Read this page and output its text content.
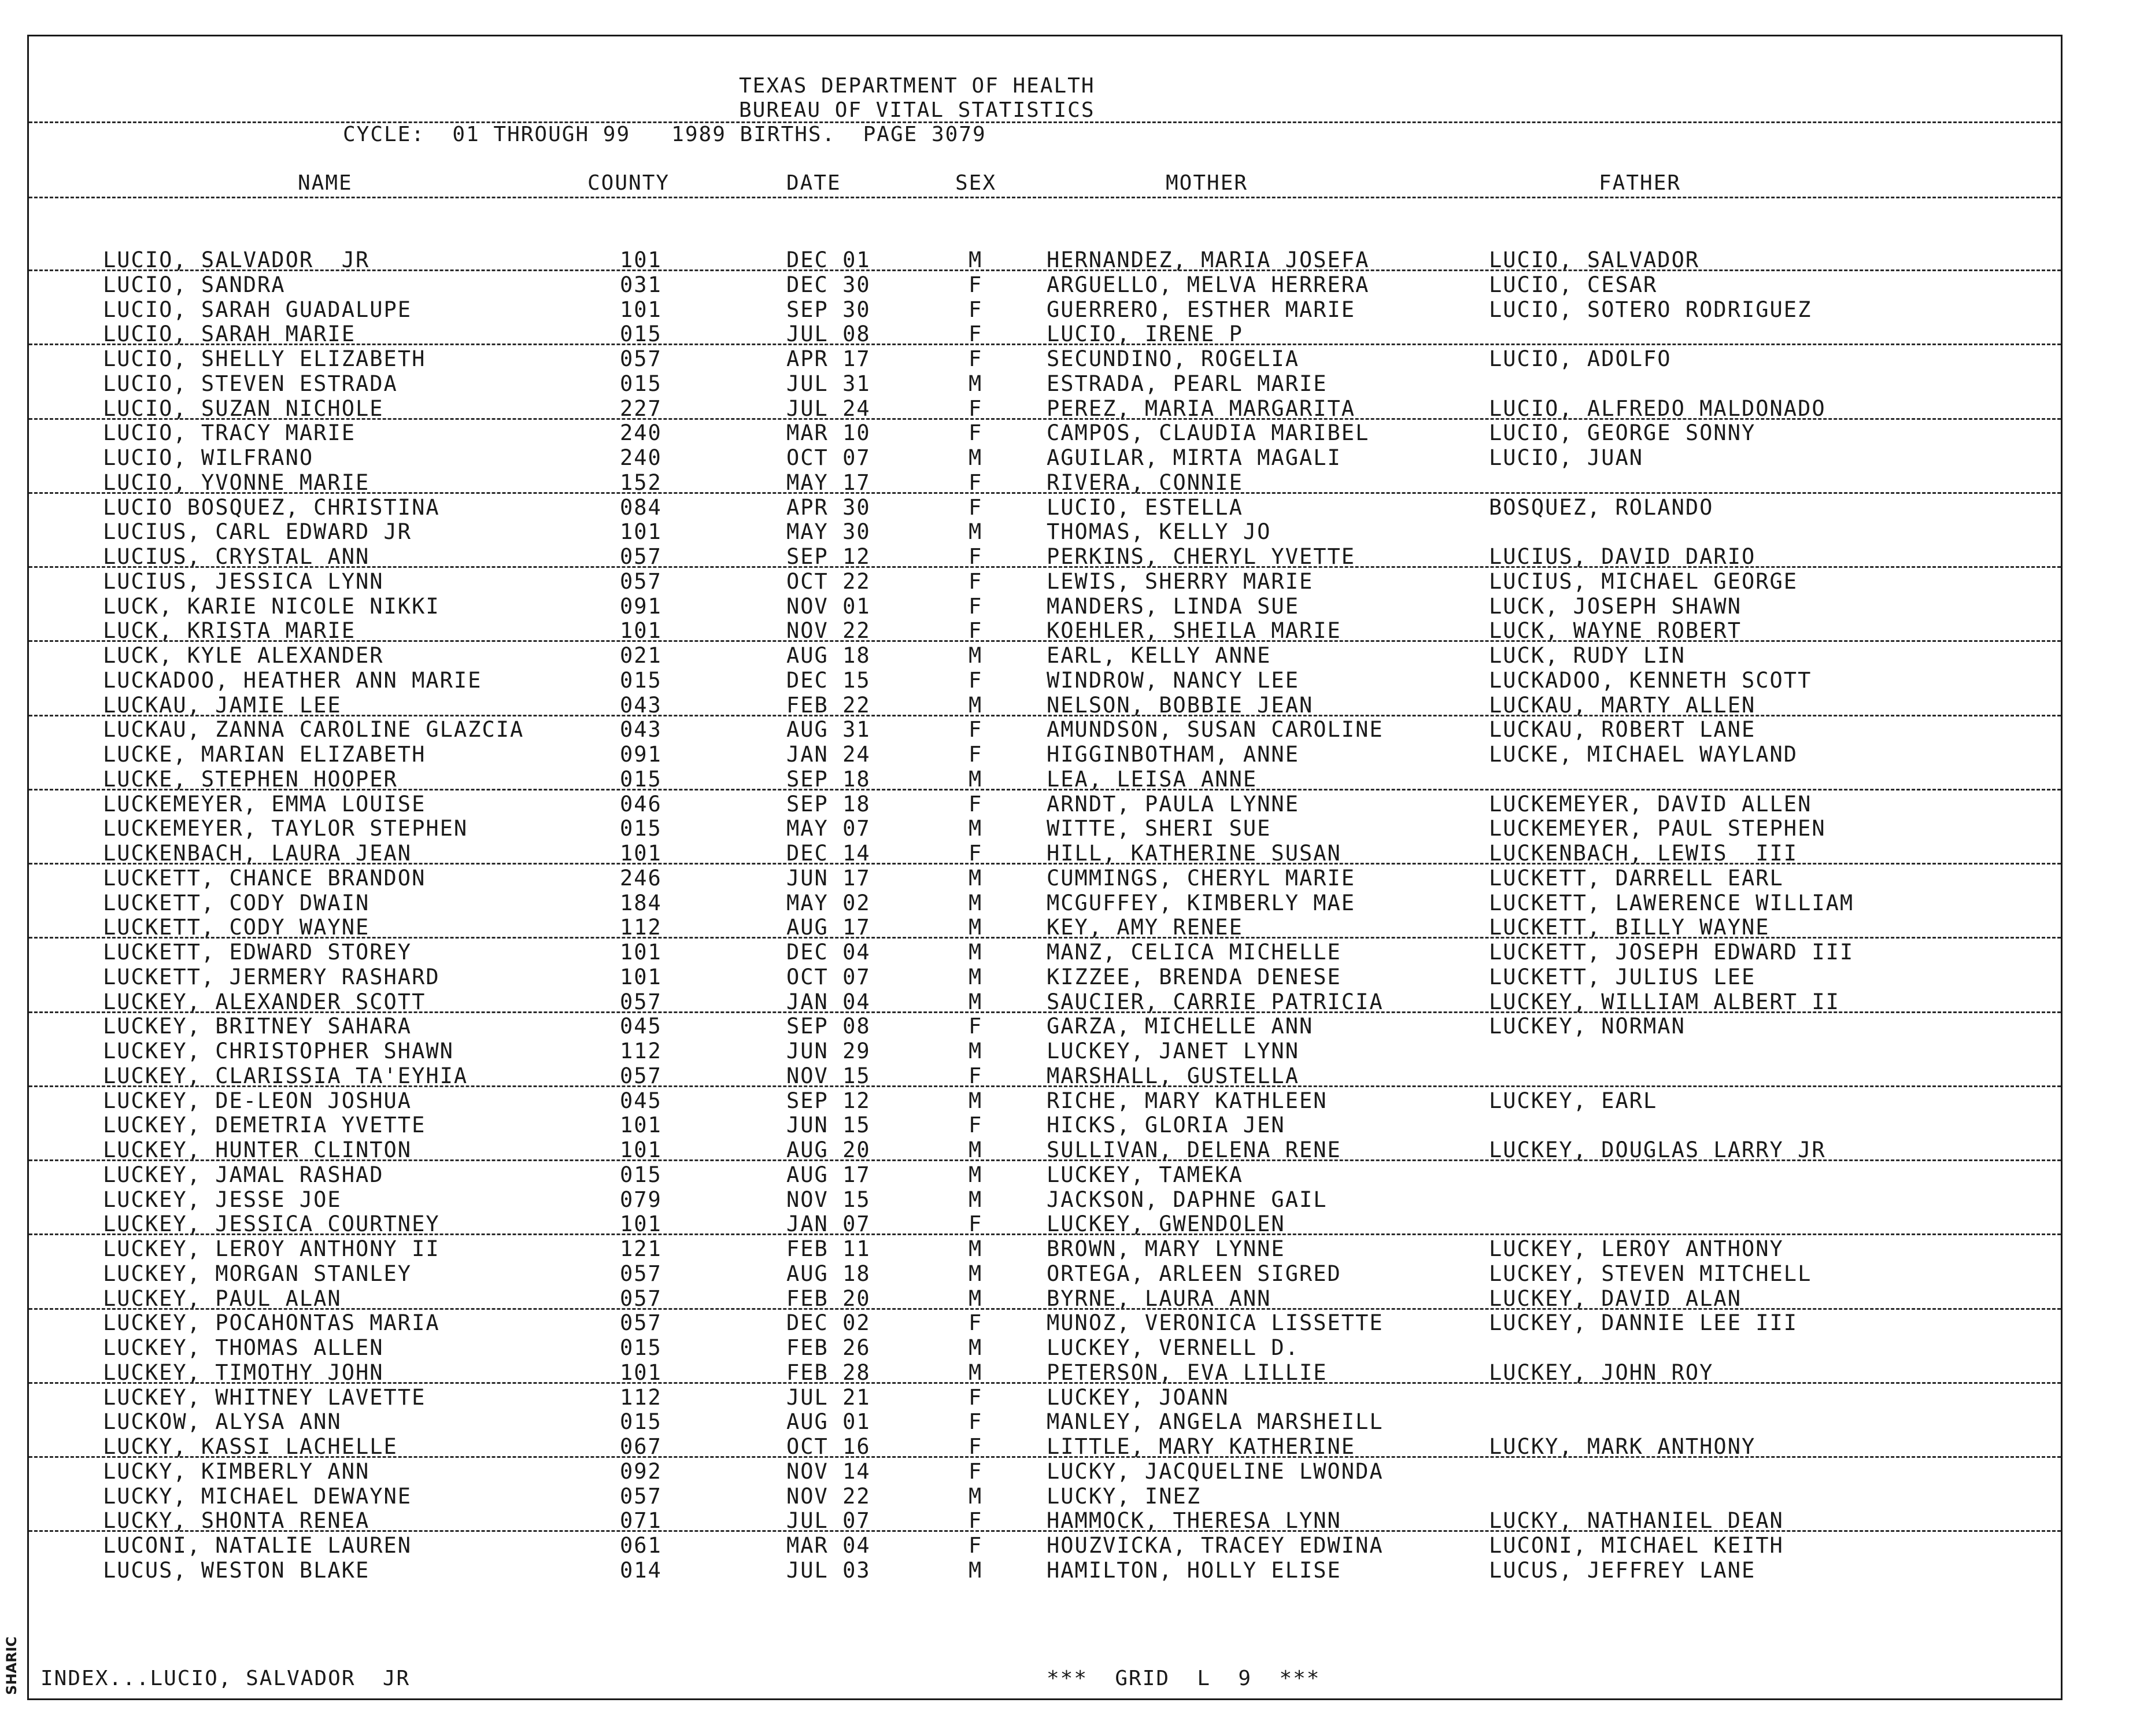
SHARIC
TEXAS DEPARTMENT OF HEALTH
BUREAU OF VITAL STATISTICS
CYCLE:  01 THROUGH 99   1989 BIRTHS.  PAGE 3079
NAME	COUNTY	DATE	SEX	MOTHER	FATHER
LUCIO, SALVADOR  JR	101	DEC 01	M	HERNANDEZ, MARIA JOSEFA	LUCIO, SALVADOR
LUCIO, SANDRA	031	DEC 30	F	ARGUELLO, MELVA HERRERA	LUCIO, CESAR
LUCIO, SARAH GUADALUPE	101	SEP 30	F	GUERRERO, ESTHER MARIE	LUCIO, SOTERO RODRIGUEZ
LUCIO, SARAH MARIE	015	JUL 08	F	LUCIO, IRENE P
LUCIO, SHELLY ELIZABETH	057	APR 17	F	SECUNDINO, ROGELIA	LUCIO, ADOLFO
LUCIO, STEVEN ESTRADA	015	JUL 31	M	ESTRADA, PEARL MARIE
LUCIO, SUZAN NICHOLE	227	JUL 24	F	PEREZ, MARIA MARGARITA	LUCIO, ALFREDO MALDONADO
LUCIO, TRACY MARIE	240	MAR 10	F	CAMPOS, CLAUDIA MARIBEL	LUCIO, GEORGE SONNY
LUCIO, WILFRANO	240	OCT 07	M	AGUILAR, MIRTA MAGALI	LUCIO, JUAN
LUCIO, YVONNE MARIE	152	MAY 17	F	RIVERA, CONNIE
LUCIO BOSQUEZ, CHRISTINA	084	APR 30	F	LUCIO, ESTELLA	BOSQUEZ, ROLANDO
LUCIUS, CARL EDWARD JR	101	MAY 30	M	THOMAS, KELLY JO
LUCIUS, CRYSTAL ANN	057	SEP 12	F	PERKINS, CHERYL YVETTE	LUCIUS, DAVID DARIO
LUCIUS, JESSICA LYNN	057	OCT 22	F	LEWIS, SHERRY MARIE	LUCIUS, MICHAEL GEORGE
LUCK, KARIE NICOLE NIKKI	091	NOV 01	F	MANDERS, LINDA SUE	LUCK, JOSEPH SHAWN
LUCK, KRISTA MARIE	101	NOV 22	F	KOEHLER, SHEILA MARIE	LUCK, WAYNE ROBERT
LUCK, KYLE ALEXANDER	021	AUG 18	M	EARL, KELLY ANNE	LUCK, RUDY LIN
LUCKADOO, HEATHER ANN MARIE	015	DEC 15	F	WINDROW, NANCY LEE	LUCKADOO, KENNETH SCOTT
LUCKAU, JAMIE LEE	043	FEB 22	M	NELSON, BOBBIE JEAN	LUCKAU, MARTY ALLEN
LUCKAU, ZANNA CAROLINE GLAZCIA	043	AUG 31	F	AMUNDSON, SUSAN CAROLINE	LUCKAU, ROBERT LANE
LUCKE, MARIAN ELIZABETH	091	JAN 24	F	HIGGINBOTHAM, ANNE	LUCKE, MICHAEL WAYLAND
LUCKE, STEPHEN HOOPER	015	SEP 18	M	LEA, LEISA ANNE
LUCKEMEYER, EMMA LOUISE	046	SEP 18	F	ARNDT, PAULA LYNNE	LUCKEMEYER, DAVID ALLEN
LUCKEMEYER, TAYLOR STEPHEN	015	MAY 07	M	WITTE, SHERI SUE	LUCKEMEYER, PAUL STEPHEN
LUCKENBACH, LAURA JEAN	101	DEC 14	F	HILL, KATHERINE SUSAN	LUCKENBACH, LEWIS  III
LUCKETT, CHANCE BRANDON	246	JUN 17	M	CUMMINGS, CHERYL MARIE	LUCKETT, DARRELL EARL
LUCKETT, CODY DWAIN	184	MAY 02	M	MCGUFFEY, KIMBERLY MAE	LUCKETT, LAWERENCE WILLIAM
LUCKETT, CODY WAYNE	112	AUG 17	M	KEY, AMY RENEE	LUCKETT, BILLY WAYNE
LUCKETT, EDWARD STOREY	101	DEC 04	M	MANZ, CELICA MICHELLE	LUCKETT, JOSEPH EDWARD III
LUCKETT, JERMERY RASHARD	101	OCT 07	M	KIZZEE, BRENDA DENESE	LUCKETT, JULIUS LEE
LUCKEY, ALEXANDER SCOTT	057	JAN 04	M	SAUCIER, CARRIE PATRICIA	LUCKEY, WILLIAM ALBERT II
LUCKEY, BRITNEY SAHARA	045	SEP 08	F	GARZA, MICHELLE ANN	LUCKEY, NORMAN
LUCKEY, CHRISTOPHER SHAWN	112	JUN 29	M	LUCKEY, JANET LYNN
LUCKEY, CLARISSIA TA'EYHIA	057	NOV 15	F	MARSHALL, GUSTELLA
LUCKEY, DE-LEON JOSHUA	045	SEP 12	M	RICHE, MARY KATHLEEN	LUCKEY, EARL
LUCKEY, DEMETRIA YVETTE	101	JUN 15	F	HICKS, GLORIA JEN
LUCKEY, HUNTER CLINTON	101	AUG 20	M	SULLIVAN, DELENA RENE	LUCKEY, DOUGLAS LARRY JR
LUCKEY, JAMAL RASHAD	015	AUG 17	M	LUCKEY, TAMEKA
LUCKEY, JESSE JOE	079	NOV 15	M	JACKSON, DAPHNE GAIL
LUCKEY, JESSICA COURTNEY	101	JAN 07	F	LUCKEY, GWENDOLEN
LUCKEY, LEROY ANTHONY II	121	FEB 11	M	BROWN, MARY LYNNE	LUCKEY, LEROY ANTHONY
LUCKEY, MORGAN STANLEY	057	AUG 18	M	ORTEGA, ARLEEN SIGRED	LUCKEY, STEVEN MITCHELL
LUCKEY, PAUL ALAN	057	FEB 20	M	BYRNE, LAURA ANN	LUCKEY, DAVID ALAN
LUCKEY, POCAHONTAS MARIA	057	DEC 02	F	MUNOZ, VERONICA LISSETTE	LUCKEY, DANNIE LEE III
LUCKEY, THOMAS ALLEN	015	FEB 26	M	LUCKEY, VERNELL D.
LUCKEY, TIMOTHY JOHN	101	FEB 28	M	PETERSON, EVA LILLIE	LUCKEY, JOHN ROY
LUCKEY, WHITNEY LAVETTE	112	JUL 21	F	LUCKEY, JOANN
LUCKOW, ALYSA ANN	015	AUG 01	F	MANLEY, ANGELA MARSHEILL
LUCKY, KASSI LACHELLE	067	OCT 16	F	LITTLE, MARY KATHERINE	LUCKY, MARK ANTHONY
LUCKY, KIMBERLY ANN	092	NOV 14	F	LUCKY, JACQUELINE LWONDA
LUCKY, MICHAEL DEWAYNE	057	NOV 22	M	LUCKY, INEZ
LUCKY, SHONTA RENEA	071	JUL 07	F	HAMMOCK, THERESA LYNN	LUCKY, NATHANIEL DEAN
LUCONI, NATALIE LAUREN	061	MAR 04	F	HOUZVICKA, TRACEY EDWINA	LUCONI, MICHAEL KEITH
LUCUS, WESTON BLAKE	014	JUL 03	M	HAMILTON, HOLLY ELISE	LUCUS, JEFFREY LANE
INDEX...LUCIO, SALVADOR  JR	***  GRID  L  9  ***
